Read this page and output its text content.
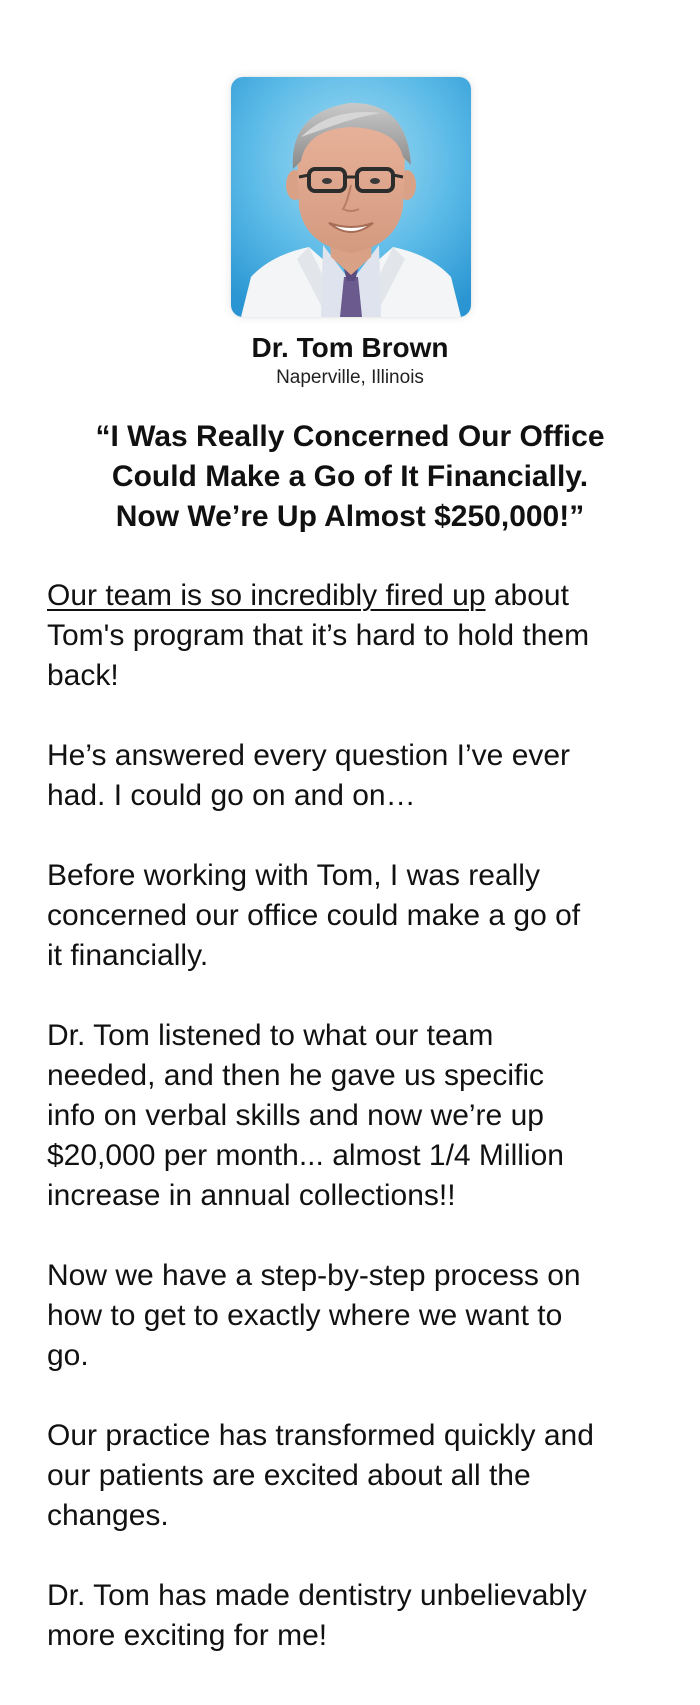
Dr. Tom Brown
Naperville, Illinois
“I Was Really Concerned Our Office
Could Make a Go of It Financially.
Now We’re Up Almost $250,000!”
Our team is so incredibly fired up about
Tom's program that it’s hard to hold them
back!
He’s answered every question I’ve ever
had. I could go on and on…
Before working with Tom, I was really
concerned our office could make a go of
it financially.
Dr. Tom listened to what our team
needed, and then he gave us specific
info on verbal skills and now we’re up
$20,000 per month... almost 1/4 Million
increase in annual collections!!
Now we have a step-by-step process on
how to get to exactly where we want to
go.
Our practice has transformed quickly and
our patients are excited about all the
changes.
Dr. Tom has made dentistry unbelievably
more exciting for me!
